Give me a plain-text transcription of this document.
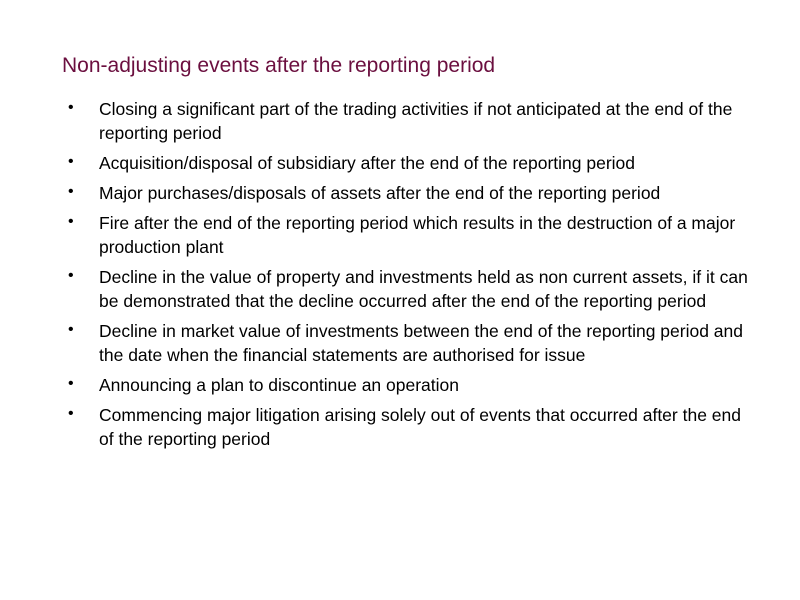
Non-adjusting events after the reporting period
• Closing a significant part of the trading activities if not anticipated at the end of the reporting period
• Acquisition/disposal of subsidiary after the end of the reporting period
• Major purchases/disposals of assets after the end of the reporting period
• Fire after the end of the reporting period which results in the destruction of a major production plant
• Decline in the value of property and investments held as non current assets, if it can be demonstrated that the decline occurred after the end of the reporting period
• Decline in market value of investments between the end of the reporting period and the date when the financial statements are authorised for issue
• Announcing a plan to discontinue an operation
• Commencing major litigation arising solely out of events that occurred after the end of the reporting period
